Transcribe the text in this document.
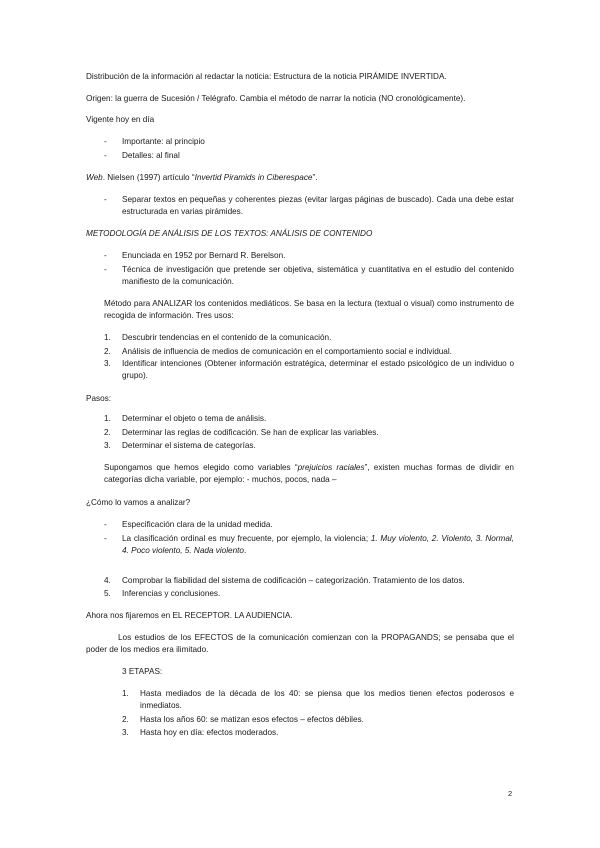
Distribución de la información al redactar la noticia: Estructura de la noticia PIRÁMIDE INVERTIDA.
Origen: la guerra de Sucesión / Telégrafo. Cambia el método de narrar la noticia (NO cronológicamente).
Vigente hoy en día
- Importante: al principio
- Detalles: al final
Web. Nielsen (1997) artículo “Invertid Piramids in Ciberespace”.
- Separar textos en pequeñas y coherentes piezas (evitar largas páginas de buscado). Cada una debe estar estructurada en varias pirámides.
METODOLOGÍA DE ANÁLISIS DE LOS TEXTOS: ANÁLISIS DE CONTENIDO
- Enunciada en 1952 por Bernard R. Berelson.
- Técnica de investigación que pretende ser objetiva, sistemática y cuantitativa en el estudio del contenido manifiesto de la comunicación.
Método para ANALIZAR los contenidos mediáticos. Se basa en la lectura (textual o visual) como instrumento de recogida de información. Tres usos:
1. Descubrir tendencias en el contenido de la comunicación.
2. Análisis de influencia de medios de comunicación en el comportamiento social e individual.
3. Identificar intenciones (Obtener información estratégica, determinar el estado psicológico de un individuo o grupo).
Pasos:
1. Determinar el objeto o tema de análisis.
2. Determinar las reglas de codificación. Se han de explicar las variables.
3. Determinar el sistema de categorías.
Supongamos que hemos elegido como variables “prejuicios raciales”, existen muchas formas de dividir en categorías dicha variable, por ejemplo: - muchos, pocos, nada –
¿Cómo lo vamos a analizar?
- Especificación clara de la unidad medida.
- La clasificación ordinal es muy frecuente, por ejemplo, la violencia; 1. Muy violento, 2. Violento, 3. Normal, 4. Poco violento, 5. Nada violento.
4. Comprobar la fiabilidad del sistema de codificación – categorización. Tratamiento de los datos.
5. Inferencias y conclusiones.
Ahora nos fijaremos en EL RECEPTOR. LA AUDIENCIA.
Los estudios de los EFECTOS de la comunicación comienzan con la PROPAGANDS; se pensaba que el poder de los medios era ilimitado.
3 ETAPAS:
1. Hasta mediados de la década de los 40: se piensa que los medios tienen efectos poderosos e inmediatos.
2. Hasta los años 60: se matizan esos efectos – efectos débiles.
3. Hasta hoy en día: efectos moderados.
2
